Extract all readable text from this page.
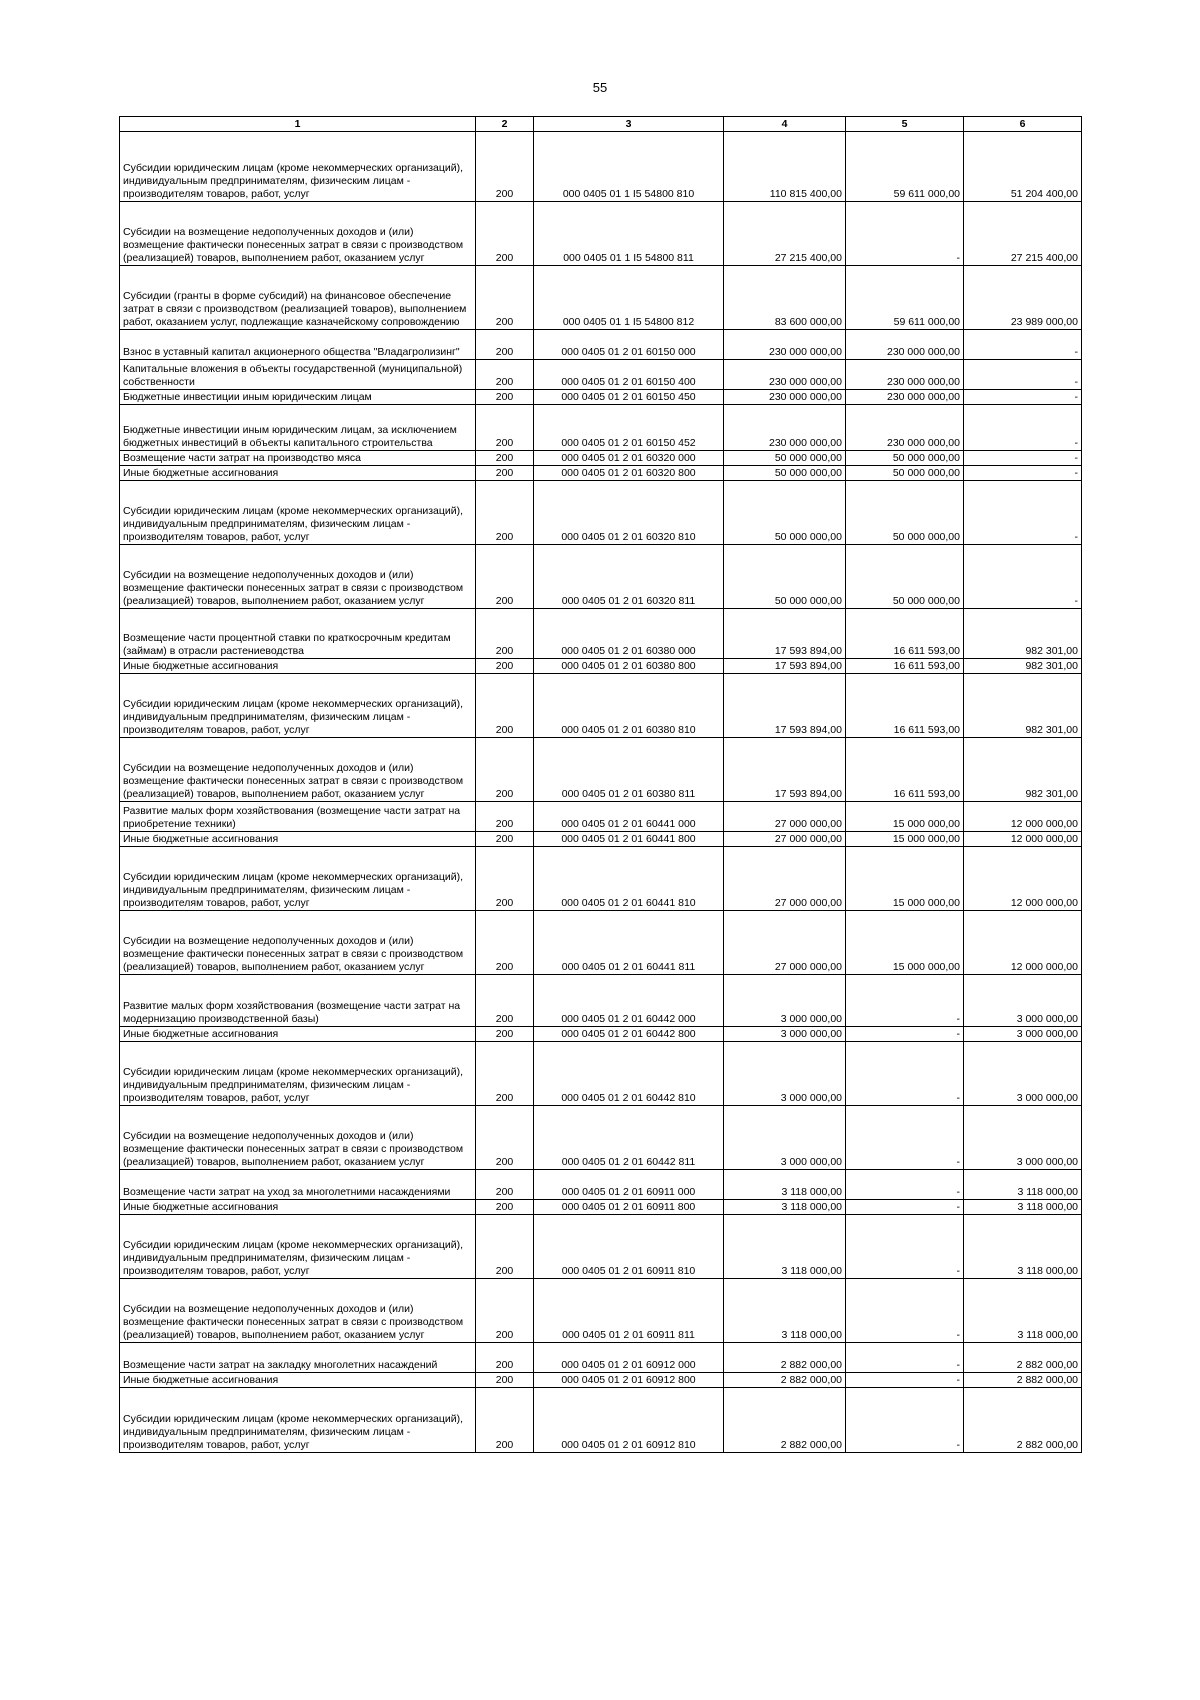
55
1	2	3	4	5	6
Субсидии юридическим лицам (кроме некоммерческих организаций), индивидуальным предпринимателям, физическим лицам - производителям товаров, работ, услуг	200	000 0405 01 1 I5 54800 810	110 815 400,00	59 611 000,00	51 204 400,00
Субсидии на возмещение недополученных доходов и (или) возмещение фактически понесенных затрат в связи с производством (реализацией) товаров, выполнением работ, оказанием услуг	200	000 0405 01 1 I5 54800 811	27 215 400,00	-	27 215 400,00
Субсидии (гранты в форме субсидий) на финансовое обеспечение затрат в связи с производством (реализацией товаров), выполнением работ, оказанием услуг, подлежащие казначейскому сопровождению	200	000 0405 01 1 I5 54800 812	83 600 000,00	59 611 000,00	23 989 000,00
Взнос в уставный капитал акционерного общества "Владагролизинг"	200	000 0405 01 2 01 60150 000	230 000 000,00	230 000 000,00	-
Капитальные вложения в объекты государственной (муниципальной) собственности	200	000 0405 01 2 01 60150 400	230 000 000,00	230 000 000,00	-
Бюджетные инвестиции иным юридическим лицам	200	000 0405 01 2 01 60150 450	230 000 000,00	230 000 000,00	-
Бюджетные инвестиции иным юридическим лицам, за исключением бюджетных инвестиций в объекты капитального строительства	200	000 0405 01 2 01 60150 452	230 000 000,00	230 000 000,00	-
Возмещение части затрат на производство мяса	200	000 0405 01 2 01 60320 000	50 000 000,00	50 000 000,00	-
Иные бюджетные ассигнования	200	000 0405 01 2 01 60320 800	50 000 000,00	50 000 000,00	-
Субсидии юридическим лицам (кроме некоммерческих организаций), индивидуальным предпринимателям, физическим лицам - производителям товаров, работ, услуг	200	000 0405 01 2 01 60320 810	50 000 000,00	50 000 000,00	-
Субсидии на возмещение недополученных доходов и (или) возмещение фактически понесенных затрат в связи с производством (реализацией) товаров, выполнением работ, оказанием услуг	200	000 0405 01 2 01 60320 811	50 000 000,00	50 000 000,00	-
Возмещение части процентной ставки по краткосрочным кредитам (займам) в отрасли растениеводства	200	000 0405 01 2 01 60380 000	17 593 894,00	16 611 593,00	982 301,00
Иные бюджетные ассигнования	200	000 0405 01 2 01 60380 800	17 593 894,00	16 611 593,00	982 301,00
Субсидии юридическим лицам (кроме некоммерческих организаций), индивидуальным предпринимателям, физическим лицам - производителям товаров, работ, услуг	200	000 0405 01 2 01 60380 810	17 593 894,00	16 611 593,00	982 301,00
Субсидии на возмещение недополученных доходов и (или) возмещение фактически понесенных затрат в связи с производством (реализацией) товаров, выполнением работ, оказанием услуг	200	000 0405 01 2 01 60380 811	17 593 894,00	16 611 593,00	982 301,00
Развитие малых форм хозяйствования (возмещение части затрат на приобретение техники)	200	000 0405 01 2 01 60441 000	27 000 000,00	15 000 000,00	12 000 000,00
Иные бюджетные ассигнования	200	000 0405 01 2 01 60441 800	27 000 000,00	15 000 000,00	12 000 000,00
Субсидии юридическим лицам (кроме некоммерческих организаций), индивидуальным предпринимателям, физическим лицам - производителям товаров, работ, услуг	200	000 0405 01 2 01 60441 810	27 000 000,00	15 000 000,00	12 000 000,00
Субсидии на возмещение недополученных доходов и (или) возмещение фактически понесенных затрат в связи с производством (реализацией) товаров, выполнением работ, оказанием услуг	200	000 0405 01 2 01 60441 811	27 000 000,00	15 000 000,00	12 000 000,00
Развитие малых форм хозяйствования (возмещение части затрат на модернизацию производственной базы)	200	000 0405 01 2 01 60442 000	3 000 000,00	-	3 000 000,00
Иные бюджетные ассигнования	200	000 0405 01 2 01 60442 800	3 000 000,00	-	3 000 000,00
Субсидии юридическим лицам (кроме некоммерческих организаций), индивидуальным предпринимателям, физическим лицам - производителям товаров, работ, услуг	200	000 0405 01 2 01 60442 810	3 000 000,00	-	3 000 000,00
Субсидии на возмещение недополученных доходов и (или) возмещение фактически понесенных затрат в связи с производством (реализацией) товаров, выполнением работ, оказанием услуг	200	000 0405 01 2 01 60442 811	3 000 000,00	-	3 000 000,00
Возмещение части затрат на уход за многолетними насаждениями	200	000 0405 01 2 01 60911 000	3 118 000,00	-	3 118 000,00
Иные бюджетные ассигнования	200	000 0405 01 2 01 60911 800	3 118 000,00	-	3 118 000,00
Субсидии юридическим лицам (кроме некоммерческих организаций), индивидуальным предпринимателям, физическим лицам - производителям товаров, работ, услуг	200	000 0405 01 2 01 60911 810	3 118 000,00	-	3 118 000,00
Субсидии на возмещение недополученных доходов и (или) возмещение фактически понесенных затрат в связи с производством (реализацией) товаров, выполнением работ, оказанием услуг	200	000 0405 01 2 01 60911 811	3 118 000,00	-	3 118 000,00
Возмещение части затрат на закладку многолетних насаждений	200	000 0405 01 2 01 60912 000	2 882 000,00	-	2 882 000,00
Иные бюджетные ассигнования	200	000 0405 01 2 01 60912 800	2 882 000,00	-	2 882 000,00
Субсидии юридическим лицам (кроме некоммерческих организаций), индивидуальным предпринимателям, физическим лицам - производителям товаров, работ, услуг	200	000 0405 01 2 01 60912 810	2 882 000,00	-	2 882 000,00
